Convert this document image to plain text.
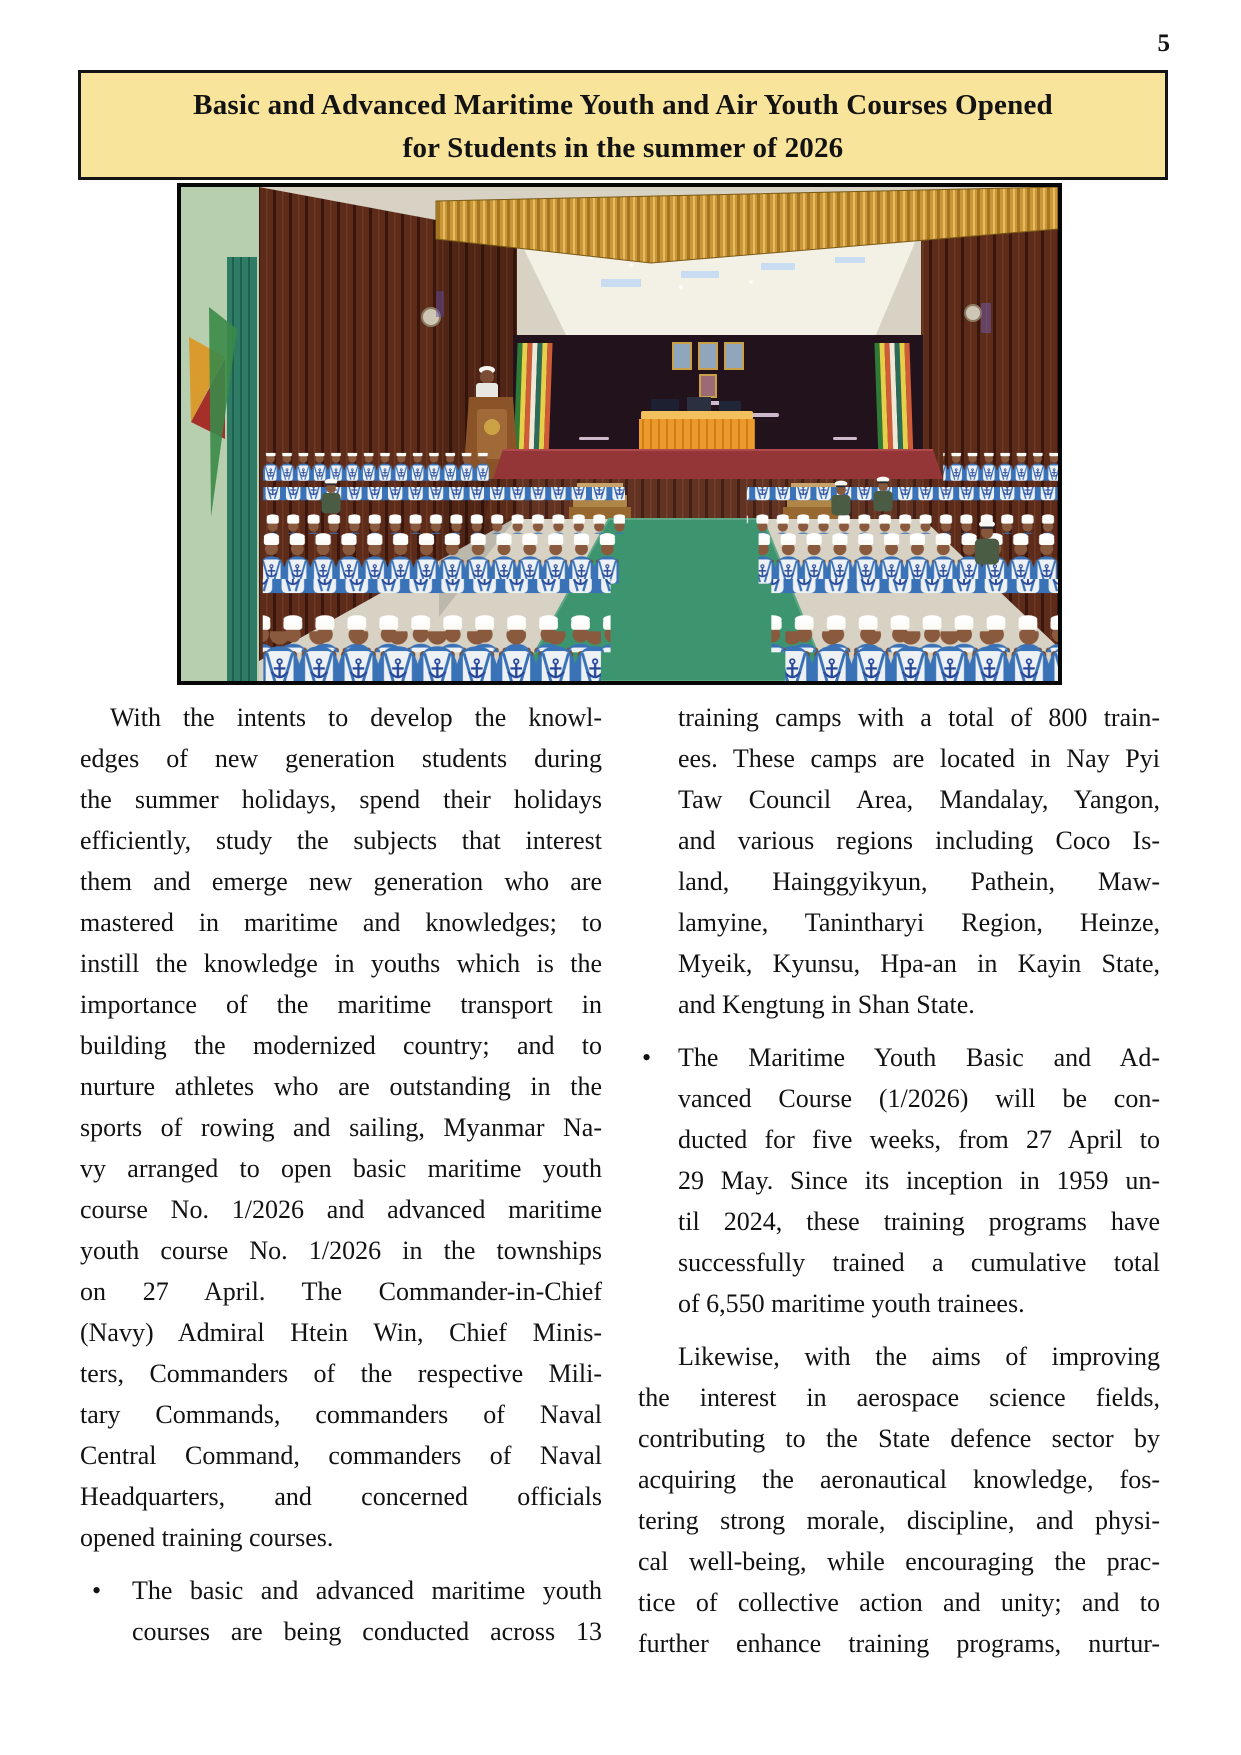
5
Basic and Advanced Maritime Youth and Air Youth Courses Opened
for Students in the summer of 2026
With the intents to develop the knowl-
edges of new generation students during
the summer holidays, spend their holidays
efficiently, study the subjects that interest
them and emerge new generation who are
mastered in maritime and knowledges; to
instill the knowledge in youths which is the
importance of the maritime transport in
building the modernized country; and to
nurture athletes who are outstanding in the
sports of rowing and sailing, Myanmar Na-
vy arranged to open basic maritime youth
course No. 1/2026 and advanced maritime
youth course No. 1/2026 in the townships
on 27 April. The Commander-in-Chief
(Navy) Admiral Htein Win, Chief Minis-
ters, Commanders of the respective Mili-
tary Commands, commanders of Naval
Central Command, commanders of Naval
Headquarters, and concerned officials
opened training courses.
• The basic and advanced maritime youth
courses are being conducted across 13
training camps with a total of 800 train-
ees. These camps are located in Nay Pyi
Taw Council Area, Mandalay, Yangon,
and various regions including Coco Is-
land, Hainggyikyun, Pathein, Maw-
lamyine, Tanintharyi Region, Heinze,
Myeik, Kyunsu, Hpa-an in Kayin State,
and Kengtung in Shan State.
• The Maritime Youth Basic and Ad-
vanced Course (1/2026) will be con-
ducted for five weeks, from 27 April to
29 May. Since its inception in 1959 un-
til 2024, these training programs have
successfully trained a cumulative total
of 6,550 maritime youth trainees.
Likewise, with the aims of improving
the interest in aerospace science fields,
contributing to the State defence sector by
acquiring the aeronautical knowledge, fos-
tering strong morale, discipline, and physi-
cal well-being, while encouraging the prac-
tice of collective action and unity; and to
further enhance training programs, nurtur-
